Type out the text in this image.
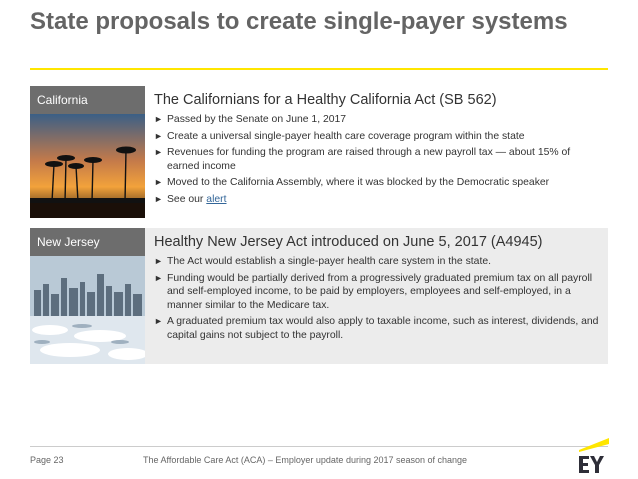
State proposals to create single-payer systems
California	The Californians for a Healthy California Act (SB 562)
► Passed by the Senate on June 1, 2017
► Create a universal single-payer health care coverage program within the state
► Revenues for funding the program are raised through a new payroll tax — about 15% of earned income
► Moved to the California Assembly, where it was blocked by the Democratic speaker
► See our alert
New Jersey	Healthy New Jersey Act introduced on June 5, 2017 (A4945)
► The Act would establish a single-payer health care system in the state.
► Funding would be partially derived from a progressively graduated premium tax on all payroll and self-employed income, to be paid by employers, employees and self-employed, in a manner similar to the Medicare tax.
► A graduated premium tax would also apply to taxable income, such as interest, dividends, and capital gains not subject to the payroll.
Page 23	The Affordable Care Act (ACA) – Employer update during 2017 season of change
